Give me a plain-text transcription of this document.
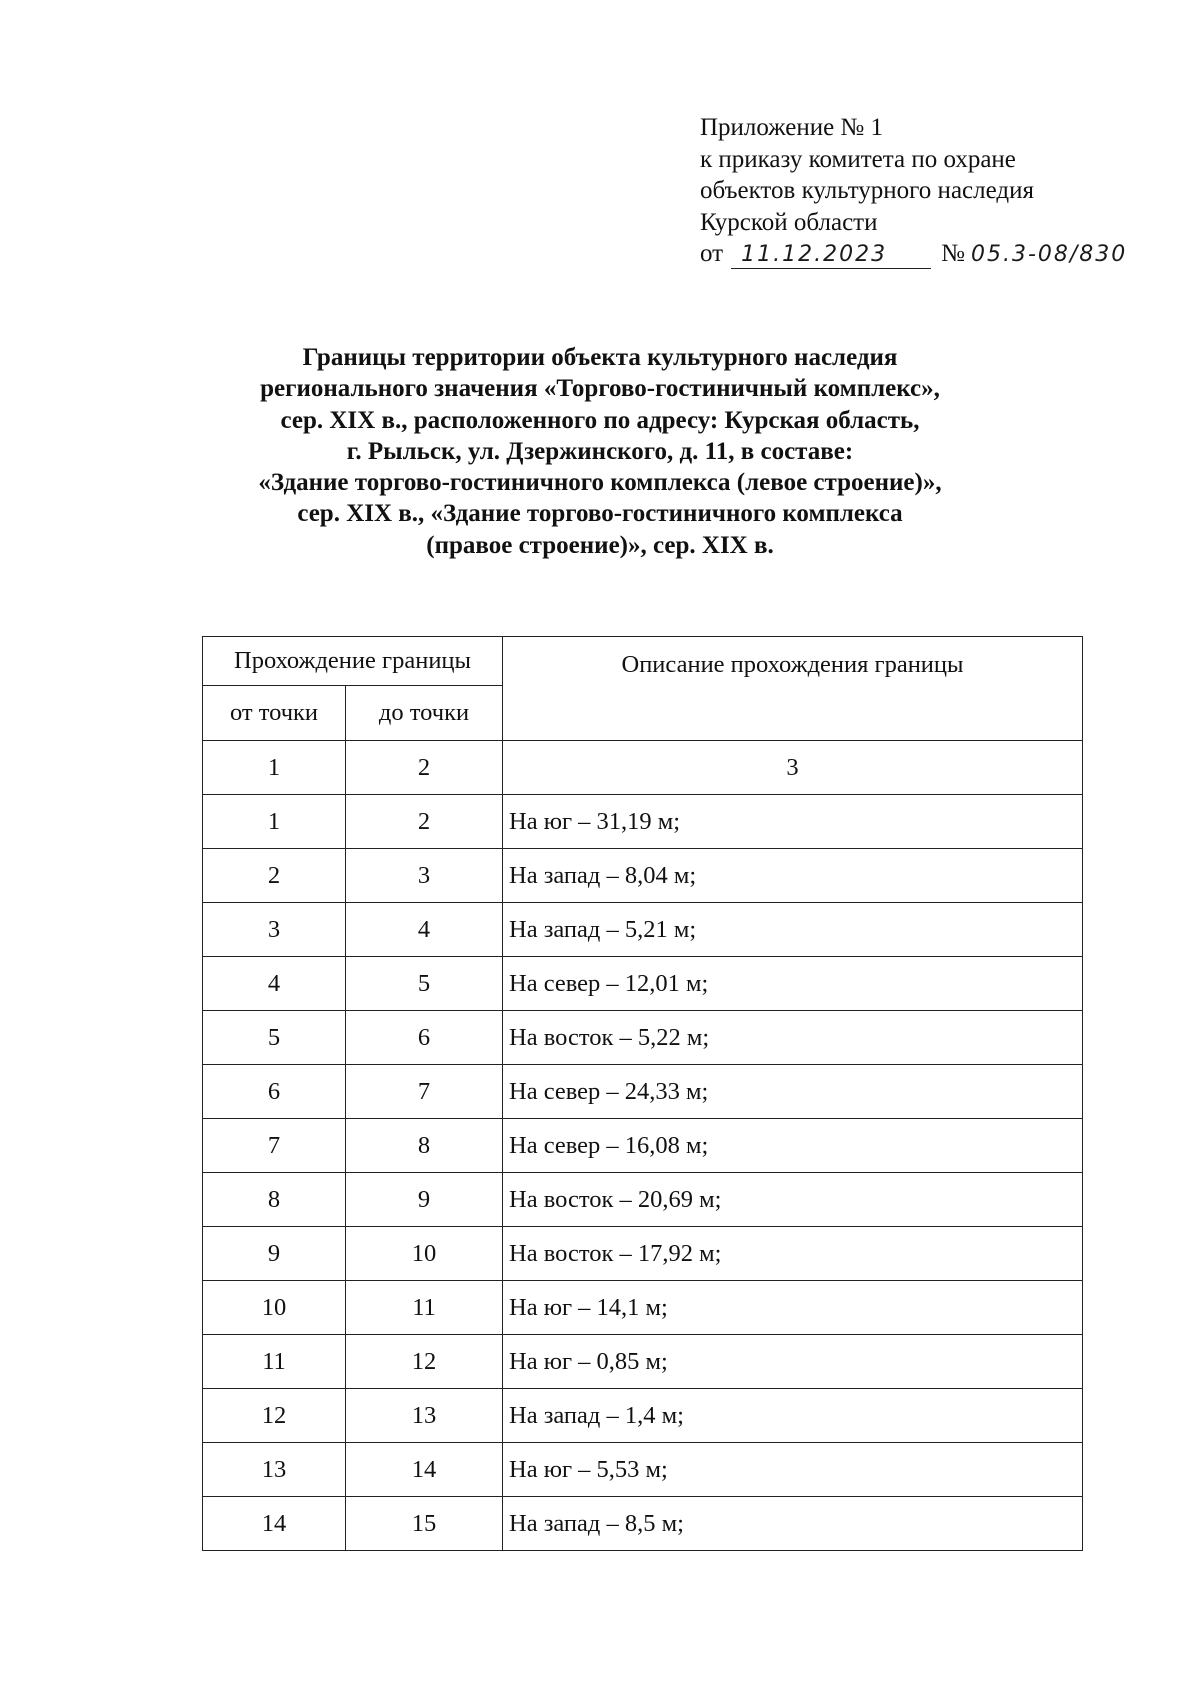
Приложение № 1
к приказу комитета по охране
объектов культурного наследия
Курской области
от 11.12.2023	№ 05.3-08/830
Границы территории объекта культурного наследия
регионального значения «Торгово-гостиничный комплекс»,
сер. XIX в., расположенного по адресу: Курская область,
г. Рыльск, ул. Дзержинского, д. 11, в составе:
«Здание торгово-гостиничного комплекса (левое строение)»,
сер. XIX в., «Здание торгово-гостиничного комплекса
(правое строение)», сер. XIX в.
Прохождение границы		Описание прохождения границы
от точки	до точки	
1	2	3
1	2	На юг – 31,19 м;
2	3	На запад – 8,04 м;
3	4	На запад – 5,21 м;
4	5	На север – 12,01 м;
5	6	На восток – 5,22 м;
6	7	На север – 24,33 м;
7	8	На север – 16,08 м;
8	9	На восток – 20,69 м;
9	10	На восток – 17,92 м;
10	11	На юг – 14,1 м;
11	12	На юг – 0,85 м;
12	13	На запад – 1,4 м;
13	14	На юг – 5,53 м;
14	15	На запад – 8,5 м;
